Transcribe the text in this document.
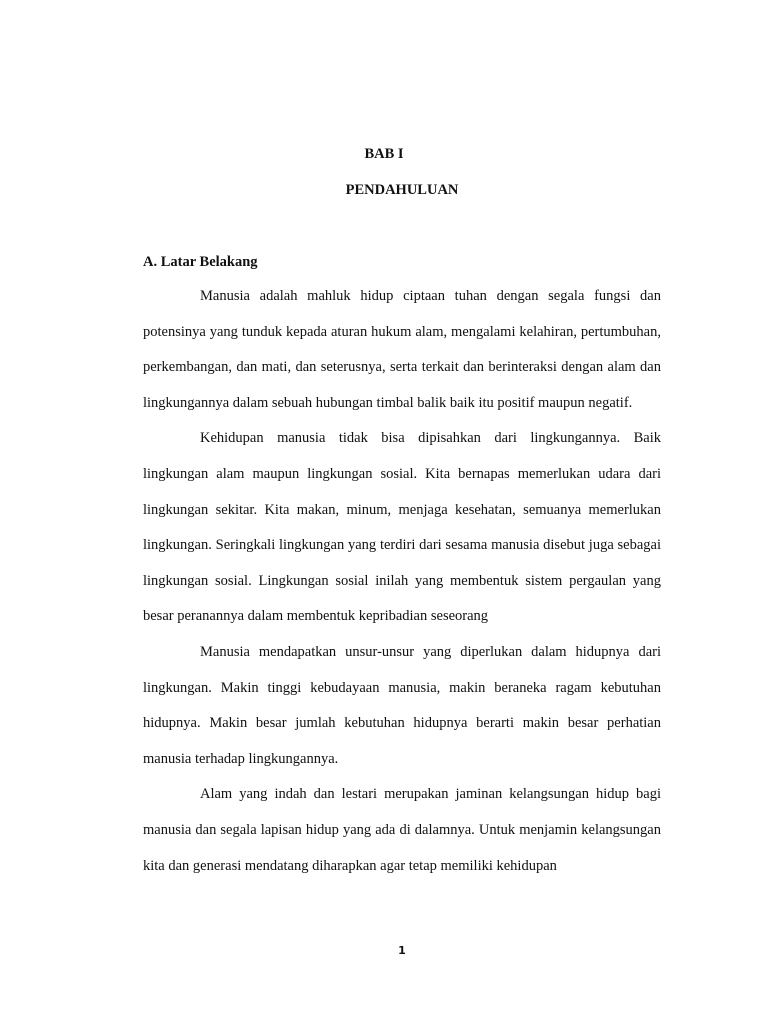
BAB I
PENDAHULUAN
A. Latar Belakang

Manusia adalah mahluk hidup ciptaan tuhan dengan segala fungsi dan potensinya yang tunduk kepada aturan hukum alam, mengalami kelahiran, pertumbuhan, perkembangan, dan mati, dan seterusnya, serta terkait dan berinteraksi dengan alam dan lingkungannya dalam sebuah hubungan timbal balik baik itu positif maupun negatif.

Kehidupan manusia tidak bisa dipisahkan dari lingkungannya. Baik lingkungan alam maupun lingkungan sosial. Kita bernapas memerlukan udara dari lingkungan sekitar. Kita makan, minum, menjaga kesehatan, semuanya memerlukan lingkungan. Seringkali lingkungan yang terdiri dari sesama manusia disebut juga sebagai lingkungan sosial. Lingkungan sosial inilah yang membentuk sistem pergaulan yang besar peranannya dalam membentuk kepribadian seseorang

Manusia mendapatkan unsur-unsur yang diperlukan dalam hidupnya dari lingkungan. Makin tinggi kebudayaan manusia, makin beraneka ragam kebutuhan hidupnya. Makin besar jumlah kebutuhan hidupnya berarti makin besar perhatian manusia terhadap lingkungannya.

Alam yang indah dan lestari merupakan jaminan kelangsungan hidup bagi manusia dan segala lapisan hidup yang ada di dalamnya. Untuk menjamin kelangsungan kita dan generasi mendatang diharapkan agar tetap memiliki kehidupan

1
